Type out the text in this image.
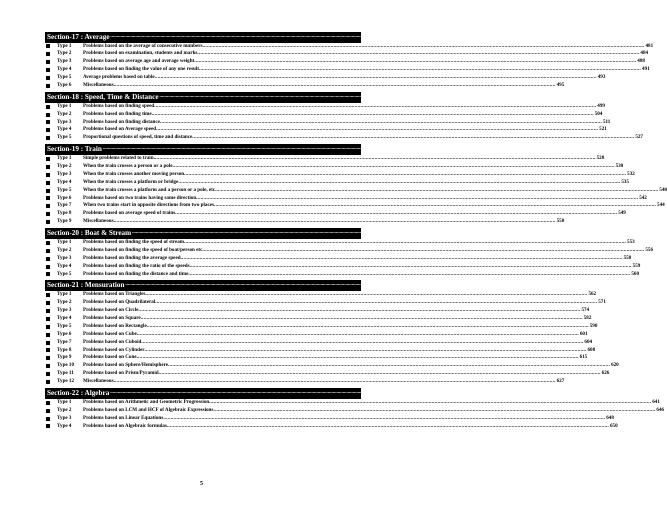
Section-17 : Average ............................................................................................................................................................................................................................................................................................................ 481-498
Type 1	Problems based on the average of consecutive numbers ............................................................................................................................................................................................................................................................................................................ 481
Type 2	Problems based on examination, students and marks ............................................................................................................................................................................................................................................................................................................ 484
Type 3	Problems based on average age and average weight ............................................................................................................................................................................................................................................................................................................ 488
Type 4	Problems based on finding the value of any one result ............................................................................................................................................................................................................................................................................................................ 491
Type 5	Average problems based on table ............................................................................................................................................................................................................................................................................................................ 493
Type 6	Miscellaneous ............................................................................................................................................................................................................................................................................................................ 495
Section-18 : Speed, Time & Distance ............................................................................................................................................................................................................................................................................................................ 499-527
Type 1	Problems based on finding speed ............................................................................................................................................................................................................................................................................................................ 499
Type 2	Problems based on finding time ............................................................................................................................................................................................................................................................................................................ 504
Type 3	Problems based on finding distance ............................................................................................................................................................................................................................................................................................................ 511
Type 4	Problems based on Average speed ............................................................................................................................................................................................................................................................................................................ 521
Type 5	Proportional questions of speed, time and distance ............................................................................................................................................................................................................................................................................................................ 527
Section-19 : Train ............................................................................................................................................................................................................................................................................................................ 528-552
Type 1	Simple problems related to train ............................................................................................................................................................................................................................................................................................................ 528
Type 2	When the train crosses a person or a pole ............................................................................................................................................................................................................................................................................................................ 530
Type 3	When the train crosses another moving person ............................................................................................................................................................................................................................................................................................................ 532
Type 4	When the train crosses a platform or bridge ............................................................................................................................................................................................................................................................................................................ 535
Type 5	When the train crosses a platform and a person or a pole, etc. ............................................................................................................................................................................................................................................................................................................ 540
Type 6	Problems based on two trains having same direction ............................................................................................................................................................................................................................................................................................................ 542
Type 7	When two trains start in opposite directions from two places ............................................................................................................................................................................................................................................................................................................ 544
Type 8	Problems based on average speed of trains ............................................................................................................................................................................................................................................................................................................ 549
Type 9	Miscellaneous ............................................................................................................................................................................................................................................................................................................ 550
Section-20 : Boat & Stream ............................................................................................................................................................................................................................................................................................................ 553-561
Type 1	Problems based on finding the speed of stream ............................................................................................................................................................................................................................................................................................................ 553
Type 2	Problems based on finding the speed of boat/person etc ............................................................................................................................................................................................................................................................................................................ 556
Type 3	Problems based on finding the average speed ............................................................................................................................................................................................................................................................................................................ 558
Type 4	Problems based on finding the ratio of the speeds ............................................................................................................................................................................................................................................................................................................ 559
Type 5	Problems based on finding the distance and time ............................................................................................................................................................................................................................................................................................................ 560
Section-21 : Mensuration ............................................................................................................................................................................................................................................................................................................ 562-640
Type 1	Problems based on Triangles ............................................................................................................................................................................................................................................................................................................ 562
Type 2	Problems based on Quadrilateral ............................................................................................................................................................................................................................................................................................................ 571
Type 3	Problems based on Circle ............................................................................................................................................................................................................................................................................................................ 574
Type 4	Problems based on Square ............................................................................................................................................................................................................................................................................................................ 582
Type 5	Problems based on Rectangle ............................................................................................................................................................................................................................................................................................................ 590
Type 6	Problems based on Cube ............................................................................................................................................................................................................................................................................................................ 601
Type 7	Problems based on Cuboid ............................................................................................................................................................................................................................................................................................................ 604
Type 8	Problems based on Cylinder ............................................................................................................................................................................................................................................................................................................ 608
Type 9	Problems based on Cone ............................................................................................................................................................................................................................................................................................................ 615
Type 10	Problems based on Sphere/Hemisphere ............................................................................................................................................................................................................................................................................................................ 620
Type 11	Problems based on Prism/Pyramid ............................................................................................................................................................................................................................................................................................................ 626
Type 12	Miscellaneous ............................................................................................................................................................................................................................................................................................................ 627
Section-22 : Algebra ............................................................................................................................................................................................................................................................................................................ 641-689
Type 1	Problems based on Arithmetic and Geometric Progression ............................................................................................................................................................................................................................................................................................................ 641
Type 2	Problems based on LCM and HCF of Algebraic Expressions ............................................................................................................................................................................................................................................................................................................ 646
Type 3	Problems based on Linear Equations ............................................................................................................................................................................................................................................................................................................ 648
Type 4	Problems based on Algebraic formulas ............................................................................................................................................................................................................................................................................................................ 650
5
